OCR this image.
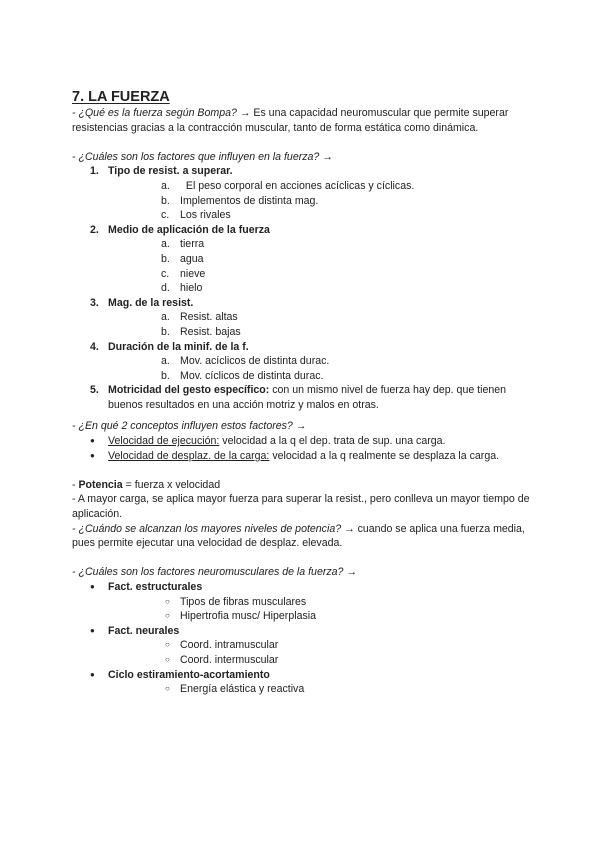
7. LA FUERZA

- ¿Qué es la fuerza según Bompa? → Es una capacidad neuromuscular que permite superar resistencias gracias a la contracción muscular, tanto de forma estática como dinámica.

- ¿Cuáles son los factores que influyen en la fuerza? →

1. Tipo de resist. a superar.
a. El peso corporal en acciones acíclicas y cíclicas.
b. Implementos de distinta mag.
c. Los rivales
2. Medio de aplicación de la fuerza
a. tierra
b. agua
c. nieve
d. hielo
3. Mag. de la resist.
a. Resist. altas
b. Resist. bajas
4. Duración de la minif. de la f.
a. Mov. acíclicos de distinta durac.
b. Mov. cíclicos de distinta durac.
5. Motricidad del gesto específico: con un mismo nivel de fuerza hay dep. que tienen buenos resultados en una acción motriz y malos en otras.

- ¿En qué 2 conceptos influyen estos factores? →

● Velocidad de ejecución: velocidad a la q el dep. trata de sup. una carga.
● Velocidad de desplaz. de la carga: velocidad a la q realmente se desplaza la carga.

- Potencia = fuerza x velocidad

- A mayor carga, se aplica mayor fuerza para superar la resist., pero conlleva un mayor tiempo de aplicación.

- ¿Cuándo se alcanzan los mayores niveles de potencia? → cuando se aplica una fuerza media, pues permite ejecutar una velocidad de desplaz. elevada.

- ¿Cuáles son los factores neuromusculares de la fuerza? →

● Fact. estructurales
○ Tipos de fibras musculares
○ Hipertrofia musc/ Hiperplasia
● Fact. neurales
○ Coord. intramuscular
○ Coord. intermuscular
● Ciclo estiramiento-acortamiento
○ Energía elástica y reactiva
